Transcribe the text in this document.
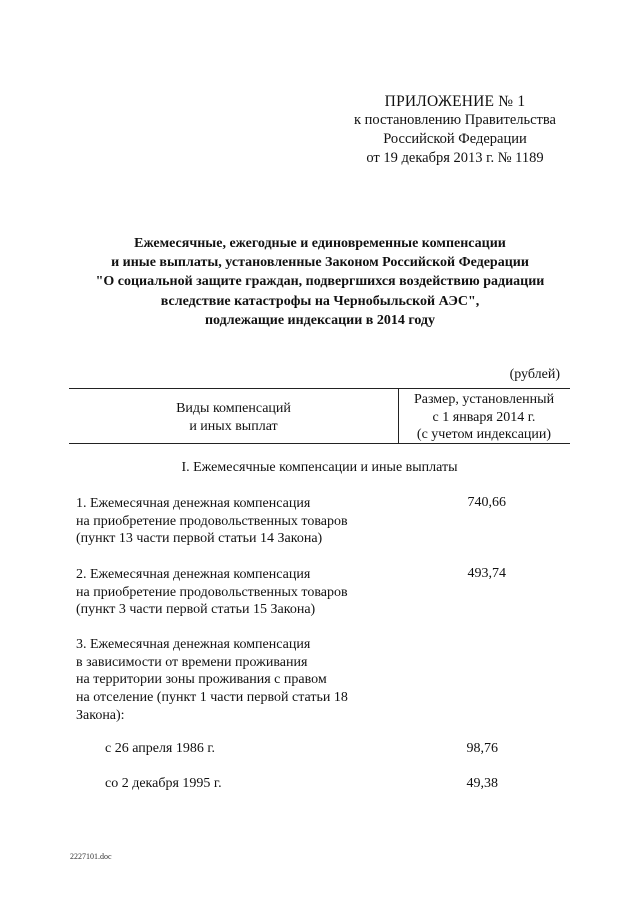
ПРИЛОЖЕНИЕ № 1
к постановлению Правительства
Российской Федерации
от 19 декабря 2013 г. № 1189
Ежемесячные, ежегодные и единовременные компенсации
и иные выплаты, установленные Законом Российской Федерации
"О социальной защите граждан, подвергшихся воздействию радиации
вследствие катастрофы на Чернобыльской АЭС",
подлежащие индексации в 2014 году
(рублей)
Виды компенсаций
и иных выплат
Размер, установленный
с 1 января 2014 г.
(с учетом индексации)
I. Ежемесячные компенсации и иные выплаты
1. Ежемесячная денежная компенсация
на приобретение продовольственных товаров
(пункт 13 части первой статьи 14 Закона)
740,66
2. Ежемесячная денежная компенсация
на приобретение продовольственных товаров
(пункт 3 части первой статьи 15 Закона)
493,74
3. Ежемесячная денежная компенсация
в зависимости от времени проживания
на территории зоны проживания с правом
на отселение (пункт 1 части первой статьи 18
Закона):
с 26 апреля 1986 г.	98,76
со 2 декабря 1995 г.	49,38
2227101.doc
